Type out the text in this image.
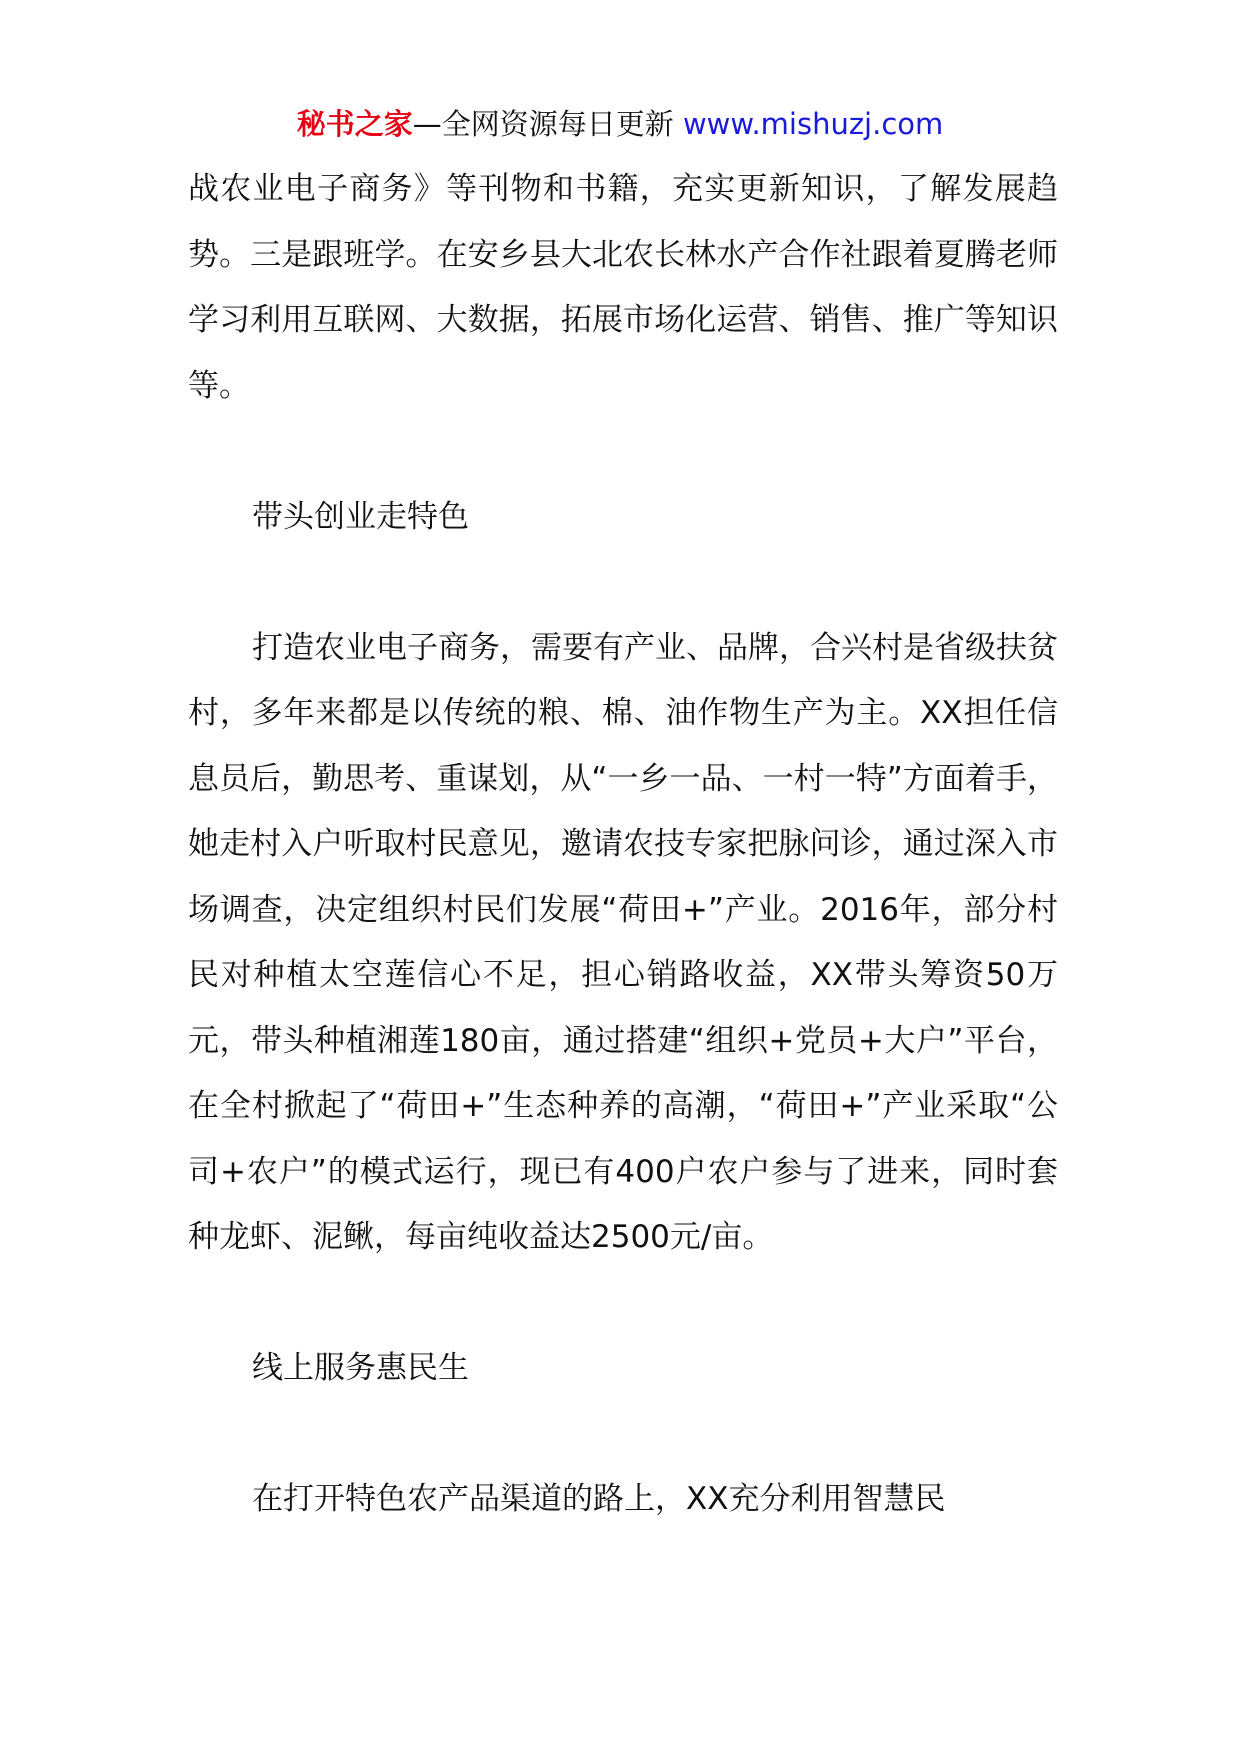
秘书之家—全网资源每日更新 www.mishuzj.com

战农业电子商务》等刊物和书籍，充实更新知识，了解发展趋势。三是跟班学。在安乡县大北农长林水产合作社跟着夏腾老师学习利用互联网、大数据，拓展市场化运营、销售、推广等知识等。

带头创业走特色

打造农业电子商务，需要有产业、品牌，合兴村是省级扶贫村，多年来都是以传统的粮、棉、油作物生产为主。XX担任信息员后，勤思考、重谋划，从“一乡一品、一村一特”方面着手，她走村入户听取村民意见，邀请农技专家把脉问诊，通过深入市场调查，决定组织村民们发展“荷田+”产业。2016年，部分村民对种植太空莲信心不足，担心销路收益，XX带头筹资50万元，带头种植湘莲180亩，通过搭建“组织+党员+大户”平台，在全村掀起了“荷田+”生态种养的高潮，“荷田+”产业采取“公司+农户”的模式运行，现已有400户农户参与了进来，同时套种龙虾、泥鳅，每亩纯收益达2500元/亩。

线上服务惠民生

在打开特色农产品渠道的路上，XX充分利用智慧民
